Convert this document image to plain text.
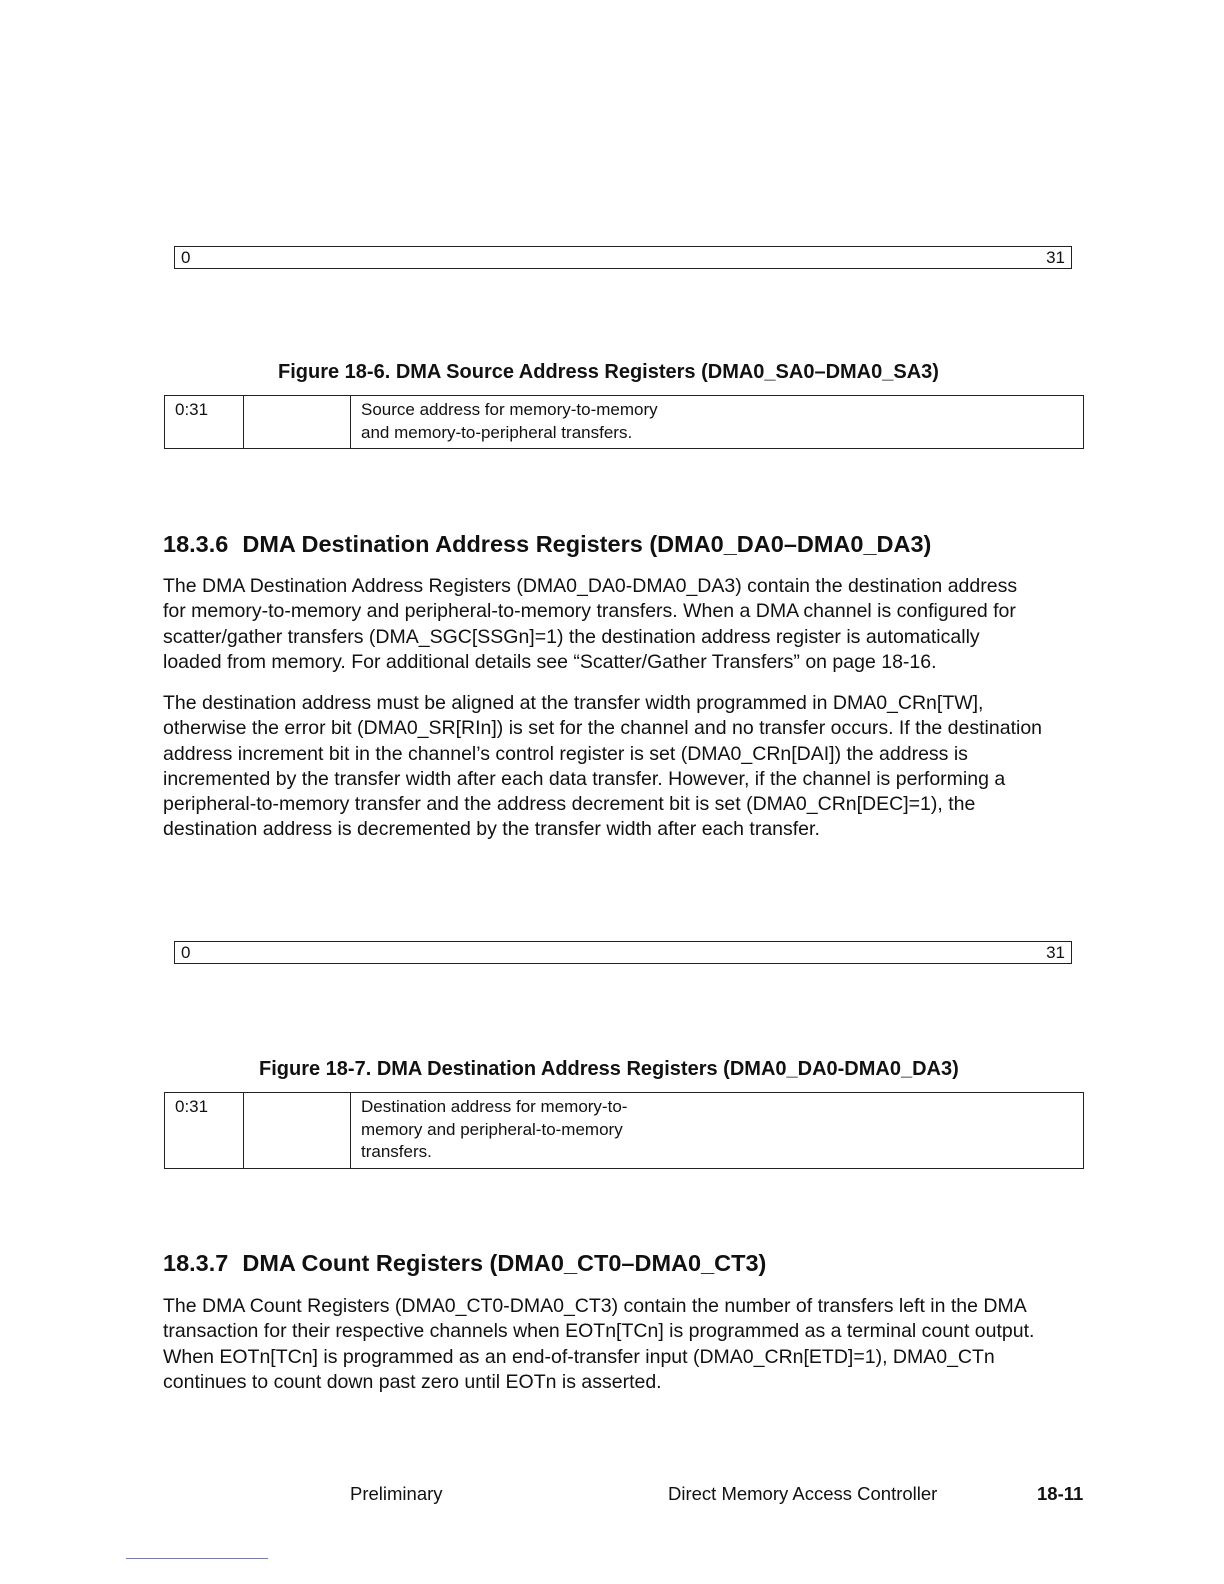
0	31
Figure 18-6. DMA Source Address Registers (DMA0_SA0–DMA0_SA3)
0:31		Source address for memory-to-memory
and memory-to-peripheral transfers.
18.3.6 DMA Destination Address Registers (DMA0_DA0–DMA0_DA3)
The DMA Destination Address Registers (DMA0_DA0-DMA0_DA3) contain the destination address
for memory-to-memory and peripheral-to-memory transfers. When a DMA channel is configured for
scatter/gather transfers (DMA_SGC[SSGn]=1) the destination address register is automatically
loaded from memory. For additional details see “Scatter/Gather Transfers” on page 18-16.
The destination address must be aligned at the transfer width programmed in DMA0_CRn[TW],
otherwise the error bit (DMA0_SR[RIn]) is set for the channel and no transfer occurs. If the destination
address increment bit in the channel’s control register is set (DMA0_CRn[DAI]) the address is
incremented by the transfer width after each data transfer. However, if the channel is performing a
peripheral-to-memory transfer and the address decrement bit is set (DMA0_CRn[DEC]=1), the
destination address is decremented by the transfer width after each transfer.
0	31
Figure 18-7. DMA Destination Address Registers (DMA0_DA0-DMA0_DA3)
0:31		Destination address for memory-to-
memory and peripheral-to-memory
transfers.
18.3.7 DMA Count Registers (DMA0_CT0–DMA0_CT3)
The DMA Count Registers (DMA0_CT0-DMA0_CT3) contain the number of transfers left in the DMA
transaction for their respective channels when EOTn[TCn] is programmed as a terminal count output.
When EOTn[TCn] is programmed as an end-of-transfer input (DMA0_CRn[ETD]=1), DMA0_CTn
continues to count down past zero until EOTn is asserted.
Preliminary	Direct Memory Access Controller	18-11
